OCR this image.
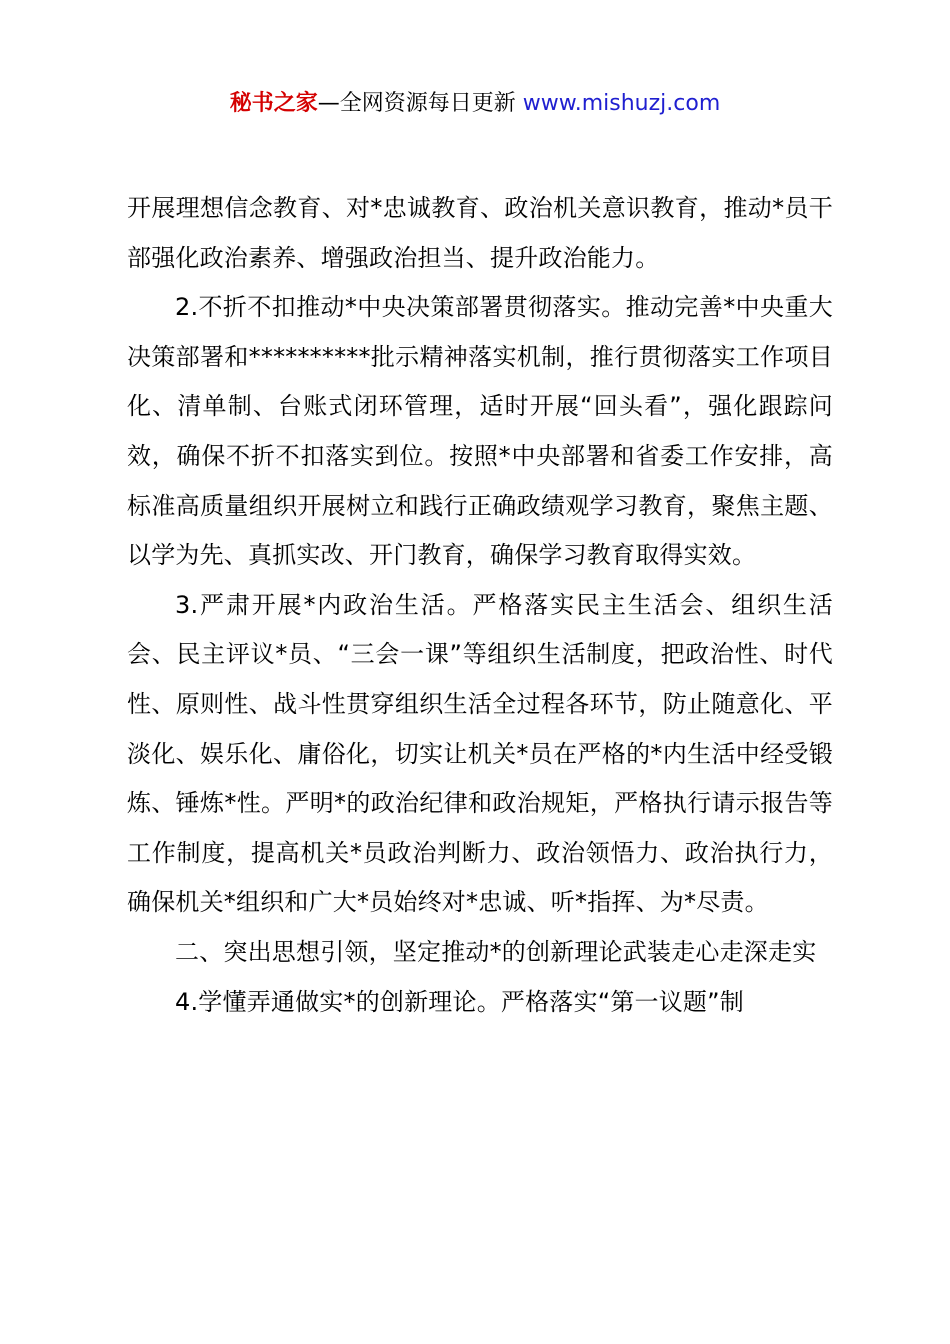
秘书之家—全网资源每日更新 www.mishuzj.com

开展理想信念教育、对*忠诚教育、政治机关意识教育，推动*员干部强化政治素养、增强政治担当、提升政治能力。

2.不折不扣推动*中央决策部署贯彻落实。推动完善*中央重大决策部署和**********批示精神落实机制，推行贯彻落实工作项目化、清单制、台账式闭环管理，适时开展“回头看”，强化跟踪问效，确保不折不扣落实到位。按照*中央部署和省委工作安排，高标准高质量组织开展树立和践行正确政绩观学习教育，聚焦主题、以学为先、真抓实改、开门教育，确保学习教育取得实效。

3.严肃开展*内政治生活。严格落实民主生活会、组织生活会、民主评议*员、“三会一课”等组织生活制度，把政治性、时代性、原则性、战斗性贯穿组织生活全过程各环节，防止随意化、平淡化、娱乐化、庸俗化，切实让机关*员在严格的*内生活中经受锻炼、锤炼*性。严明*的政治纪律和政治规矩，严格执行请示报告等工作制度，提高机关*员政治判断力、政治领悟力、政治执行力，确保机关*组织和广大*员始终对*忠诚、听*指挥、为*尽责。

二、突出思想引领，坚定推动*的创新理论武装走心走深走实

4.学懂弄通做实*的创新理论。严格落实“第一议题”制
